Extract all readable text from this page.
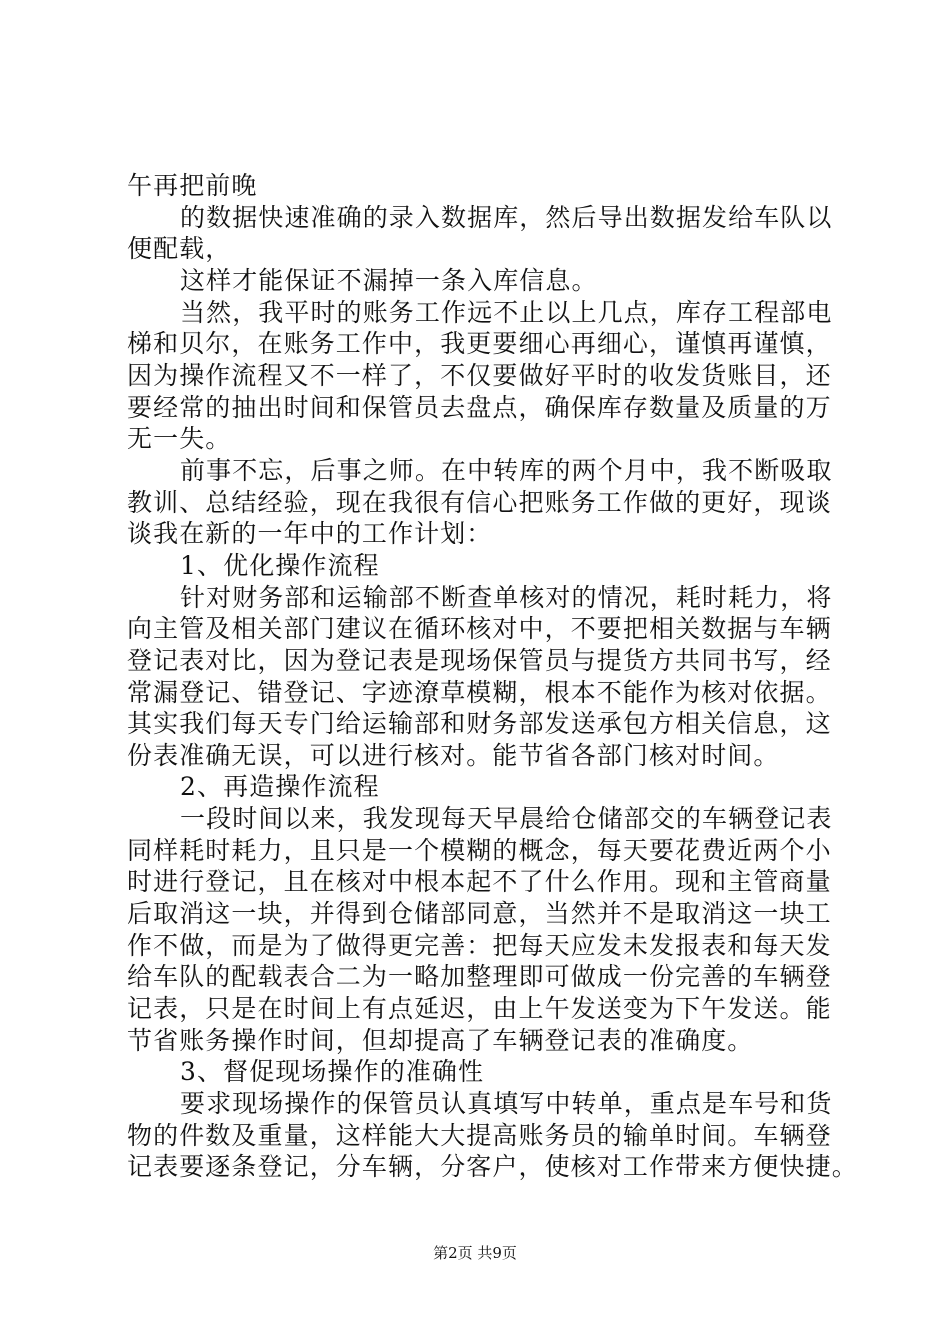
午再把前晚
的数据快速准确的录入数据库，然后导出数据发给车队以
便配载，
这样才能保证不漏掉一条入库信息。
当然，我平时的账务工作远不止以上几点，库存工程部电
梯和贝尔，在账务工作中，我更要细心再细心，谨慎再谨慎，
因为操作流程又不一样了，不仅要做好平时的收发货账目，还
要经常的抽出时间和保管员去盘点，确保库存数量及质量的万
无一失。
前事不忘，后事之师。在中转库的两个月中，我不断吸取
教训、总结经验，现在我很有信心把账务工作做的更好，现谈
谈我在新的一年中的工作计划：
1、优化操作流程
针对财务部和运输部不断查单核对的情况，耗时耗力，将
向主管及相关部门建议在循环核对中，不要把相关数据与车辆
登记表对比，因为登记表是现场保管员与提货方共同书写，经
常漏登记、错登记、字迹潦草模糊，根本不能作为核对依据。
其实我们每天专门给运输部和财务部发送承包方相关信息，这
份表准确无误，可以进行核对。能节省各部门核对时间。
2、再造操作流程
一段时间以来，我发现每天早晨给仓储部交的车辆登记表
同样耗时耗力，且只是一个模糊的概念，每天要花费近两个小
时进行登记，且在核对中根本起不了什么作用。现和主管商量
后取消这一块，并得到仓储部同意，当然并不是取消这一块工
作不做，而是为了做得更完善：把每天应发未发报表和每天发
给车队的配载表合二为一略加整理即可做成一份完善的车辆登
记表，只是在时间上有点延迟，由上午发送变为下午发送。能
节省账务操作时间，但却提高了车辆登记表的准确度。
3、督促现场操作的准确性
要求现场操作的保管员认真填写中转单，重点是车号和货
物的件数及重量，这样能大大提高账务员的输单时间。车辆登
记表要逐条登记，分车辆，分客户，使核对工作带来方便快捷。
第2页 共9页
